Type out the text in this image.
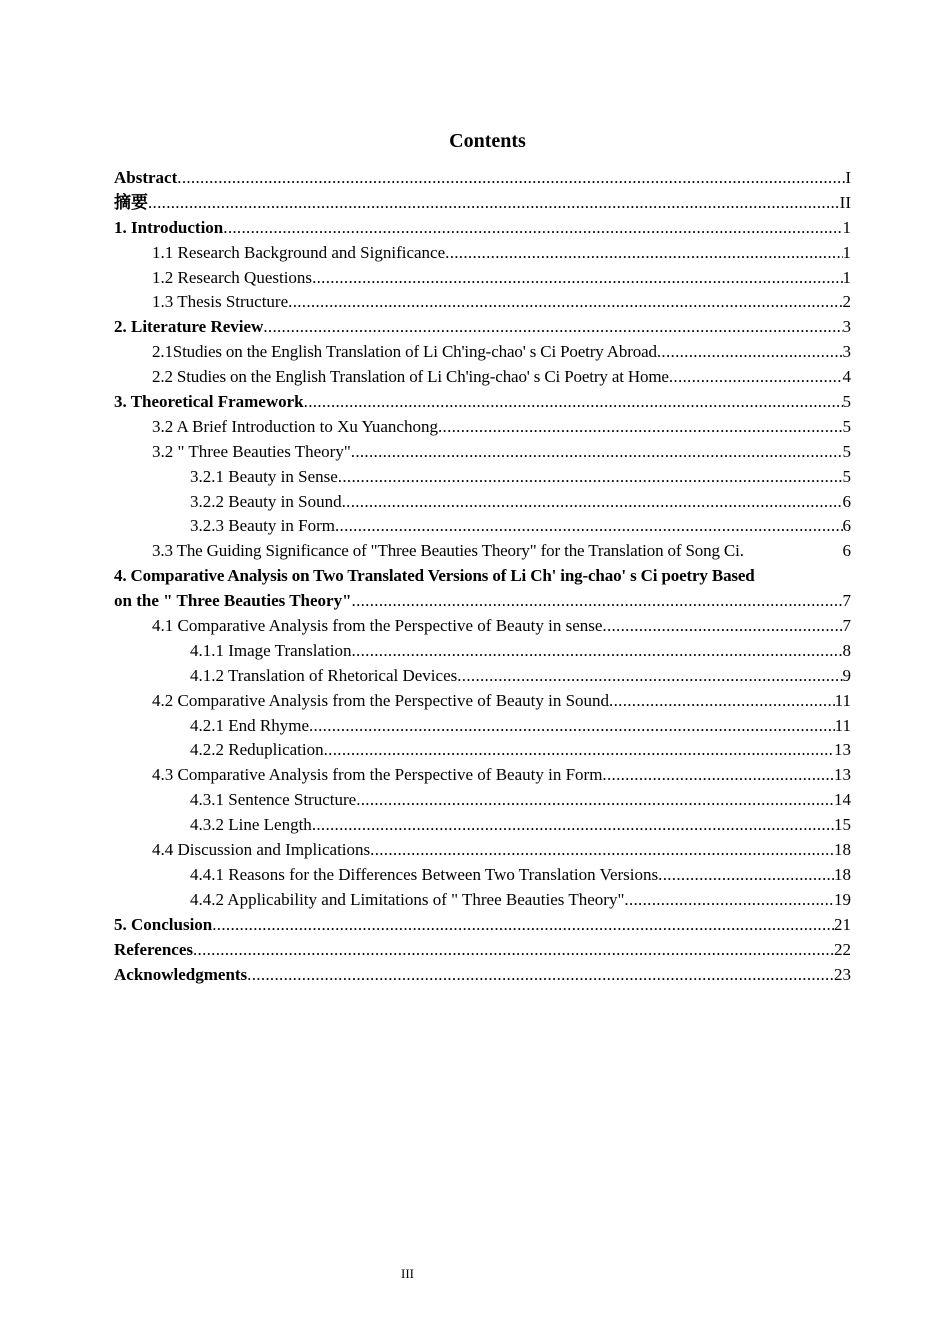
Contents
Abstract .....	I
摘要 .....	II
1. Introduction .....	1
1.1 Research Background and Significance .....	1
1.2 Research Questions .....	1
1.3 Thesis Structure .....	2
2. Literature Review .....	3
2.1Studies on the English Translation of Li Ch'ing-chao' s Ci Poetry Abroad .....	3
2.2 Studies on the English Translation of Li Ch'ing-chao' s Ci Poetry at Home .....	4
3. Theoretical Framework .....	5
3.2 A Brief Introduction to Xu Yuanchong .....	5
3.2 " Three Beauties Theory" .....	5
3.2.1 Beauty in Sense .....	5
3.2.2 Beauty in Sound .....	6
3.2.3 Beauty in Form .....	6
3.3 The Guiding Significance of "Three Beauties Theory" for the Translation of Song Ci.	6
4. Comparative Analysis on Two Translated Versions of Li Ch' ing-chao' s Ci poetry Based
on the " Three Beauties Theory" .....	7
4.1 Comparative Analysis from the Perspective of Beauty in sense .....	7
4.1.1 Image Translation .....	8
4.1.2 Translation of Rhetorical Devices .....	9
4.2 Comparative Analysis from the Perspective of Beauty in Sound .....	11
4.2.1 End Rhyme .....	11
4.2.2 Reduplication .....	13
4.3 Comparative Analysis from the Perspective of Beauty in Form .....	13
4.3.1 Sentence Structure .....	14
4.3.2 Line Length .....	15
4.4 Discussion and Implications .....	18
4.4.1 Reasons for the Differences Between Two Translation Versions .....	18
4.4.2 Applicability and Limitations of " Three Beauties Theory" .....	19
5. Conclusion .....	21
References .....	22
Acknowledgments .....	23
III
